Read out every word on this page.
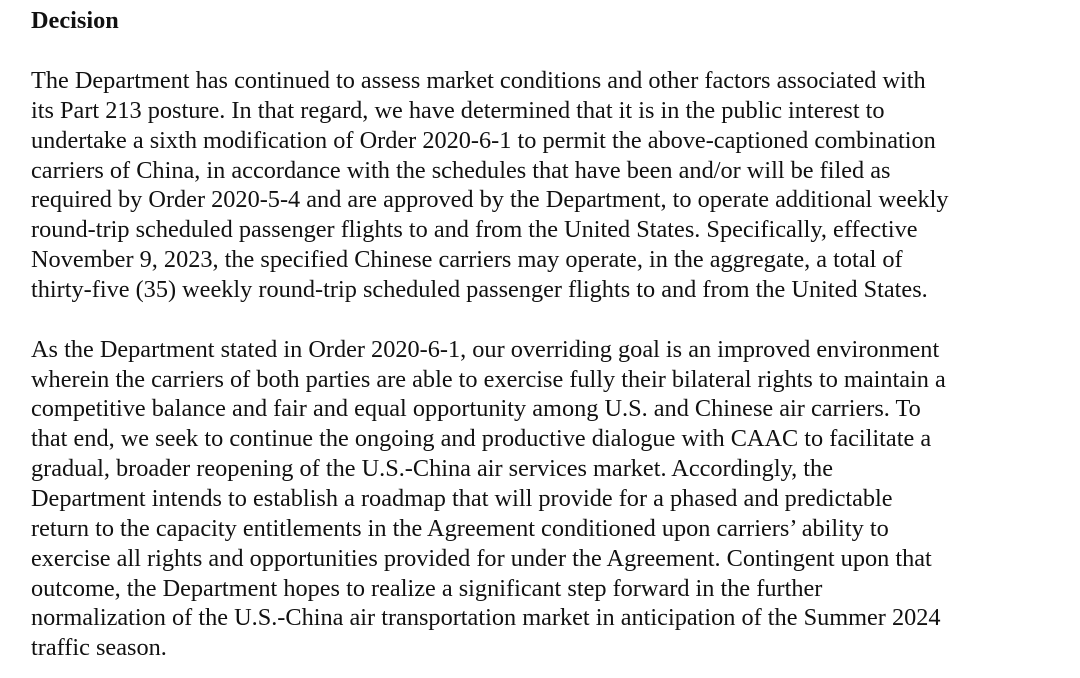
Decision

The Department has continued to assess market conditions and other factors associated with
its Part 213 posture. In that regard, we have determined that it is in the public interest to
undertake a sixth modification of Order 2020-6-1 to permit the above-captioned combination
carriers of China, in accordance with the schedules that have been and/or will be filed as
required by Order 2020-5-4 and are approved by the Department, to operate additional weekly
round-trip scheduled passenger flights to and from the United States. Specifically, effective
November 9, 2023, the specified Chinese carriers may operate, in the aggregate, a total of
thirty-five (35) weekly round-trip scheduled passenger flights to and from the United States.

As the Department stated in Order 2020-6-1, our overriding goal is an improved environment
wherein the carriers of both parties are able to exercise fully their bilateral rights to maintain a
competitive balance and fair and equal opportunity among U.S. and Chinese air carriers. To
that end, we seek to continue the ongoing and productive dialogue with CAAC to facilitate a
gradual, broader reopening of the U.S.-China air services market. Accordingly, the
Department intends to establish a roadmap that will provide for a phased and predictable
return to the capacity entitlements in the Agreement conditioned upon carriers’ ability to
exercise all rights and opportunities provided for under the Agreement. Contingent upon that
outcome, the Department hopes to realize a significant step forward in the further
normalization of the U.S.-China air transportation market in anticipation of the Summer 2024
traffic season.
